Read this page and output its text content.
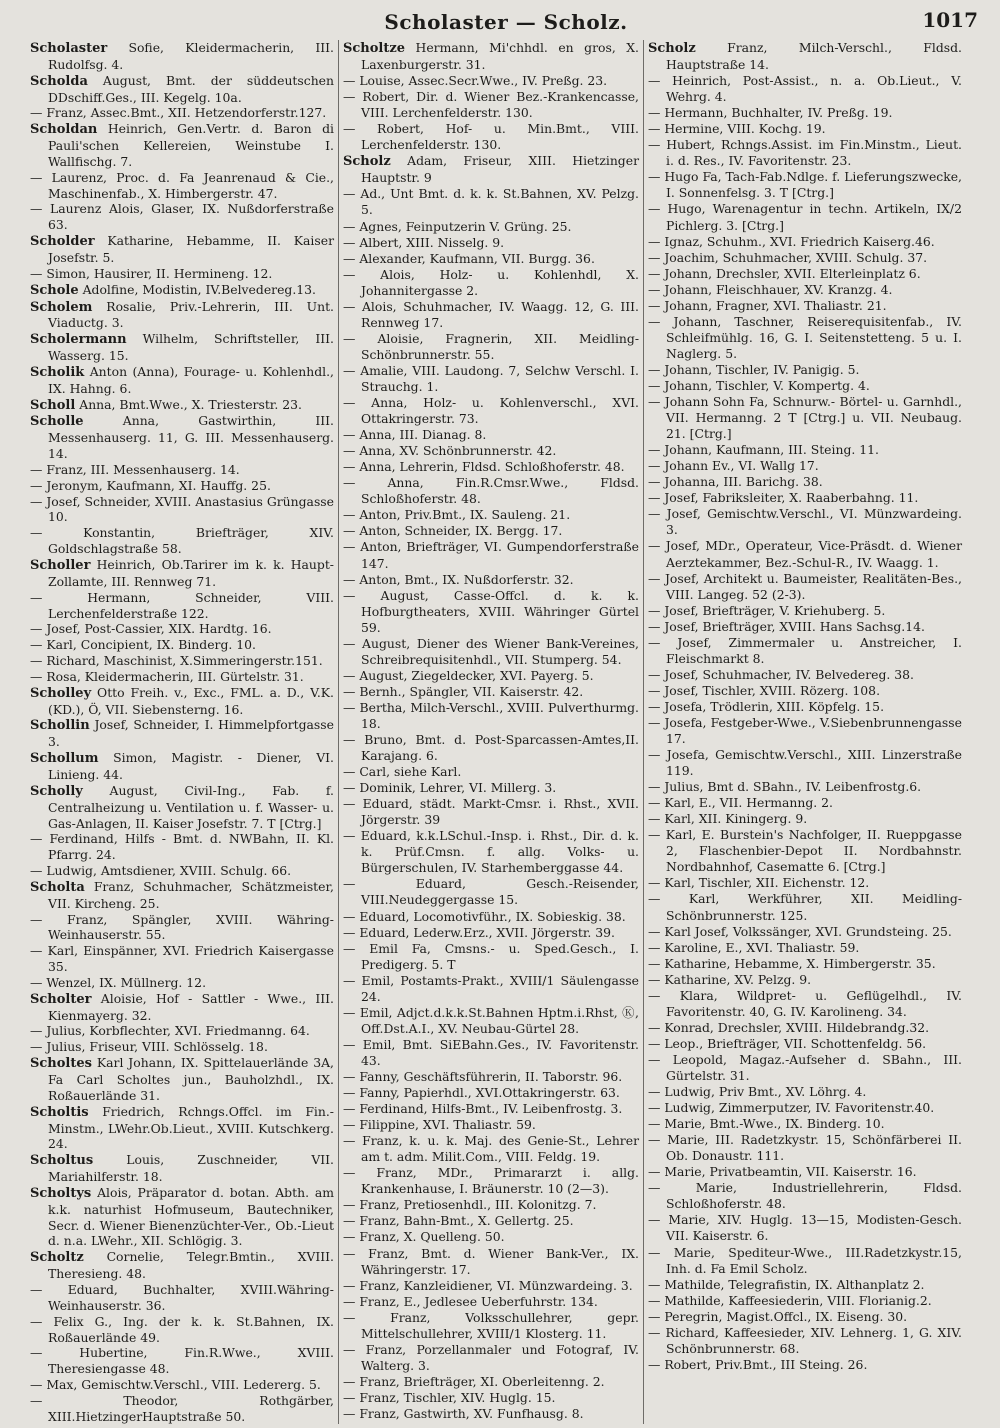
Scholaster — Scholz.	1017

Scholaster Sofie, Kleidermacherin, III. Rudolfsg. 4.

Scholda August, Bmt. der süddeutschen DDschiff.Ges., III. Kegelg. 10a.

— Franz, Assec.Bmt., XII. Hetzendorferstr.127.

Scholdan Heinrich, Gen.Vertr. d. Baron di Pauli'schen Kellereien, Weinstube I. Wallfischg. 7.

— Laurenz, Proc. d. Fa Jeanrenaud & Cie., Maschinenfab., X. Himbergerstr. 47.

— Laurenz Alois, Glaser, IX. Nußdorferstraße 63.

Scholder Katharine, Hebamme, II. Kaiser Josefstr. 5.

— Simon, Hausirer, II. Hermineng. 12.

Schole Adolfine, Modistin, IV.Belvedereg.13.

Scholem Rosalie, Priv.-Lehrerin, III. Unt. Viaductg. 3.

Scholermann Wilhelm, Schriftsteller, III. Wasserg. 15.

Scholik Anton (Anna), Fourage- u. Kohlenhdl., IX. Hahng. 6.

Scholl Anna, Bmt.Wwe., X. Triesterstr. 23.

Scholle Anna, Gastwirthin, III. Messenhauserg. 11, G. III. Messenhauserg. 14.

— Franz, III. Messenhauserg. 14.

— Jeronym, Kaufmann, XI. Hauffg. 25.

— Josef, Schneider, XVIII. Anastasius Grüngasse 10.

— Konstantin, Briefträger, XIV. Goldschlagstraße 58.

Scholler Heinrich, Ob.Tarirer im k. k. Haupt-Zollamte, III. Rennweg 71.

— Hermann, Schneider, VIII. Lerchenfelderstraße 122.

— Josef, Post-Cassier, XIX. Hardtg. 16.

— Karl, Concipient, IX. Binderg. 10.

— Richard, Maschinist, X.Simmeringerstr.151.

— Rosa, Kleidermacherin, III. Gürtelstr. 31.

Scholley Otto Freih. v., Exc., FML. a. D., V.K. (KD.), Ö, VII. Siebensterng. 16.

Schollin Josef, Schneider, I. Himmelpfortgasse 3.

Schollum Simon, Magistr. - Diener, VI. Linieng. 44.

Scholly August, Civil-Ing., Fab. f. Centralheizung u. Ventilation u. f. Wasser- u. Gas-Anlagen, II. Kaiser Josefstr. 7. T [Ctrg.]

— Ferdinand, Hilfs - Bmt. d. NWBahn, II. Kl. Pfarrg. 24.

— Ludwig, Amtsdiener, XVIII. Schulg. 66.

Scholta Franz, Schuhmacher, Schätzmeister, VII. Kircheng. 25.

— Franz, Spängler, XVIII. Währing-Weinhauserstr. 55.

— Karl, Einspänner, XVI. Friedrich Kaisergasse 35.

— Wenzel, IX. Müllnerg. 12.

Scholter Aloisie, Hof - Sattler - Wwe., III. Kienmayerg. 32.

— Julius, Korbflechter, XVI. Friedmanng. 64.

— Julius, Friseur, VIII. Schlösselg. 18.

Scholtes Karl Johann, IX. Spittelauerlände 3A, Fa Carl Scholtes jun., Bauholzhdl., IX. Roßauerlände 31.

Scholtis Friedrich, Rchngs.Offcl. im Fin.-Minstm., LWehr.Ob.Lieut., XVIII. Kutschkerg. 24.

Scholtus Louis, Zuschneider, VII. Mariahilferstr. 18.

Scholtys Alois, Präparator d. botan. Abth. am k.k. naturhist Hofmuseum, Bautechniker, Secr. d. Wiener Bienenzüchter-Ver., Ob.-Lieut d. n.a. LWehr., XII. Schlögig. 3.

Scholtz Cornelie, Telegr.Bmtin., XVIII. Theresieng. 48.

— Eduard, Buchhalter, XVIII.Währing-Weinhauserstr. 36.

— Felix G., Ing. der k. k. St.Bahnen, IX. Roßauerlände 49.

— Hubertine, Fin.R.Wwe., XVIII. Theresiengasse 48.

— Max, Gemischtw.Verschl., VIII. Ledererg. 5.

— Theodor, Rothgärber, XIII.HietzingerHauptstraße 50.

Scholtze Hermann, Mi'chhdl. en gros, X. Laxenburgerstr. 31.

— Louise, Assec.Secr.Wwe., IV. Preßg. 23.

— Robert, Dir. d. Wiener Bez.-Krankencasse, VIII. Lerchenfelderstr. 130.

— Robert, Hof- u. Min.Bmt., VIII. Lerchenfelderstr. 130.

Scholz Adam, Friseur, XIII. Hietzinger Hauptstr. 9

— Ad., Unt Bmt. d. k. k. St.Bahnen, XV. Pelzg. 5.

— Agnes, Feinputzerin V. Grüng. 25.

— Albert, XIII. Nisselg. 9.

— Alexander, Kaufmann, VII. Burgg. 36.

— Alois, Holz- u. Kohlenhdl, X. Johannitergasse 2.

— Alois, Schuhmacher, IV. Waagg. 12, G. III. Rennweg 17.

— Aloisie, Fragnerin, XII. Meidling-Schönbrunnerstr. 55.

— Amalie, VIII. Laudong. 7, Selchw Verschl. I. Strauchg. 1.

— Anna, Holz- u. Kohlenverschl., XVI. Ottakringerstr. 73.

— Anna, III. Dianag. 8.

— Anna, XV. Schönbrunnerstr. 42.

— Anna, Lehrerin, Fldsd. Schloßhoferstr. 48.

— Anna, Fin.R.Cmsr.Wwe., Fldsd. Schloßhoferstr. 48.

— Anton, Priv.Bmt., IX. Sauleng. 21.

— Anton, Schneider, IX. Bergg. 17.

— Anton, Briefträger, VI. Gumpendorferstraße 147.

— Anton, Bmt., IX. Nußdorferstr. 32.

— August, Casse-Offcl. d. k. k. Hofburgtheaters, XVIII. Währinger Gürtel 59.

— August, Diener des Wiener Bank-Vereines, Schreibrequisitenhdl., VII. Stumperg. 54.

— August, Ziegeldecker, XVI. Payerg. 5.

— Bernh., Spängler, VII. Kaiserstr. 42.

— Bertha, Milch-Verschl., XVIII. Pulverthurmg. 18.

— Bruno, Bmt. d. Post-Sparcassen-Amtes,II. Karajang. 6.

— Carl, siehe Karl.

— Dominik, Lehrer, VI. Millerg. 3.

— Eduard, städt. Markt-Cmsr. i. Rhst., XVII. Jörgerstr. 39

— Eduard, k.k.LSchul.-Insp. i. Rhst., Dir. d. k. k. Prüf.Cmsn. f. allg. Volks- u. Bürgerschulen, IV. Starhemberggasse 44.

— Eduard, Gesch.-Reisender, VIII.Neudeggergasse 15.

— Eduard, Locomotivführ., IX. Sobieskig. 38.

— Eduard, Lederw.Erz., XVII. Jörgerstr. 39.

— Emil Fa, Cmsns.- u. Sped.Gesch., I. Predigerg. 5. T

— Emil, Postamts-Prakt., XVIII/1 Säulengasse 24.

— Emil, Adjct.d.k.k.St.Bahnen Hptm.i.Rhst, Ⓚ, Off.Dst.A.I., XV. Neubau-Gürtel 28.

— Emil, Bmt. SiEBahn.Ges., IV. Favoritenstr. 43.

— Fanny, Geschäftsführerin, II. Taborstr. 96.

— Fanny, Papierhdl., XVI.Ottakringerstr. 63.

— Ferdinand, Hilfs-Bmt., IV. Leibenfrostg. 3.

— Filippine, XVI. Thaliastr. 59.

— Franz, k. u. k. Maj. des Genie-St., Lehrer am t. adm. Milit.Com., VIII. Feldg. 19.

— Franz, MDr., Primararzt i. allg. Krankenhause, I. Bräunerstr. 10 (2—3).

— Franz, Pretiosenhdl., III. Kolonitzg. 7.

— Franz, Bahn-Bmt., X. Gellertg. 25.

— Franz, X. Quelleng. 50.

— Franz, Bmt. d. Wiener Bank-Ver., IX. Währingerstr. 17.

— Franz, Kanzleidiener, VI. Münzwardeing. 3.

— Franz, E., Jedlesee Ueberfuhrstr. 134.

— Franz, Volksschullehrer, gepr. Mittelschullehrer, XVIII/1 Klosterg. 11.

— Franz, Porzellanmaler und Fotograf, IV. Walterg. 3.

— Franz, Briefträger, XI. Oberleitenng. 2.

— Franz, Tischler, XIV. Huglg. 15.

— Franz, Gastwirth, XV. Funfhausg. 8.

Scholz Franz, Milch-Verschl., Fldsd. Hauptstraße 14.

— Heinrich, Post-Assist., n. a. Ob.Lieut., V. Wehrg. 4.

— Hermann, Buchhalter, IV. Preßg. 19.

— Hermine, VIII. Kochg. 19.

— Hubert, Rchngs.Assist. im Fin.Minstm., Lieut. i. d. Res., IV. Favoritenstr. 23.

— Hugo Fa, Tach-Fab.Ndlge. f. Lieferungszwecke, I. Sonnenfelsg. 3. T [Ctrg.]

— Hugo, Warenagentur in techn. Artikeln, IX/2 Pichlerg. 3. [Ctrg.]

— Ignaz, Schuhm., XVI. Friedrich Kaiserg.46.

— Joachim, Schuhmacher, XVIII. Schulg. 37.

— Johann, Drechsler, XVII. Elterleinplatz 6.

— Johann, Fleischhauer, XV. Kranzg. 4.

— Johann, Fragner, XVI. Thaliastr. 21.

— Johann, Taschner, Reiserequisitenfab., IV. Schleifmühlg. 16, G. I. Seitenstetteng. 5 u. I. Naglerg. 5.

— Johann, Tischler, IV. Panigig. 5.

— Johann, Tischler, V. Kompertg. 4.

— Johann Sohn Fa, Schnurw.- Börtel- u. Garnhdl., VII. Hermanng. 2 T [Ctrg.] u. VII. Neubaug. 21. [Ctrg.]

— Johann, Kaufmann, III. Steing. 11.

— Johann Ev., VI. Wallg 17.

— Johanna, III. Barichg. 38.

— Josef, Fabriksleiter, X. Raaberbahng. 11.

— Josef, Gemischtw.Verschl., VI. Münzwardeing. 3.

— Josef, MDr., Operateur, Vice-Präsdt. d. Wiener Aerztekammer, Bez.-Schul-R., IV. Waagg. 1.

— Josef, Architekt u. Baumeister, Realitäten-Bes., VIII. Langeg. 52 (2-3).

— Josef, Briefträger, V. Kriehuberg. 5.

— Josef, Briefträger, XVIII. Hans Sachsg.14.

— Josef, Zimmermaler u. Anstreicher, I. Fleischmarkt 8.

— Josef, Schuhmacher, IV. Belvedereg. 38.

— Josef, Tischler, XVIII. Rözerg. 108.

— Josefa, Trödlerin, XIII. Köpfelg. 15.

— Josefa, Festgeber-Wwe., V.Siebenbrunnengasse 17.

— Josefa, Gemischtw.Verschl., XIII. Linzerstraße 119.

— Julius, Bmt d. SBahn., IV. Leibenfrostg.6.

— Karl, E., VII. Hermanng. 2.

— Karl, XII. Kiningerg. 9.

— Karl, E. Burstein's Nachfolger, II. Rueppgasse 2, Flaschenbier-Depot II. Nordbahnstr. Nordbahnhof, Casematte 6. [Ctrg.]

— Karl, Tischler, XII. Eichenstr. 12.

— Karl, Werkführer, XII. Meidling-Schönbrunnerstr. 125.

— Karl Josef, Volkssänger, XVI. Grundsteing. 25.

— Karoline, E., XVI. Thaliastr. 59.

— Katharine, Hebamme, X. Himbergerstr. 35.

— Katharine, XV. Pelzg. 9.

— Klara, Wildpret- u. Geflügelhdl., IV. Favoritenstr. 40, G. IV. Karolineng. 34.

— Konrad, Drechsler, XVIII. Hildebrandg.32.

— Leop., Briefträger, VII. Schottenfeldg. 56.

— Leopold, Magaz.-Aufseher d. SBahn., III. Gürtelstr. 31.

— Ludwig, Priv Bmt., XV. Löhrg. 4.

— Ludwig, Zimmerputzer, IV. Favoritenstr.40.

— Marie, Bmt.-Wwe., IX. Binderg. 10.

— Marie, III. Radetzkystr. 15, Schönfärberei II. Ob. Donaustr. 111.

— Marie, Privatbeamtin, VII. Kaiserstr. 16.

— Marie, Industriellehrerin, Fldsd. Schloßhoferstr. 48.

— Marie, XIV. Huglg. 13—15, Modisten-Gesch. VII. Kaiserstr. 6.

— Marie, Spediteur-Wwe., III.Radetzkystr.15, Inh. d. Fa Emil Scholz.

— Mathilde, Telegrafistin, IX. Althanplatz 2.

— Mathilde, Kaffeesiederin, VIII. Florianig.2.

— Peregrin, Magist.Offcl., IX. Eiseng. 30.

— Richard, Kaffeesieder, XIV. Lehnerg. 1, G. XIV. Schönbrunnerstr. 68.

— Robert, Priv.Bmt., III Steing. 26.
